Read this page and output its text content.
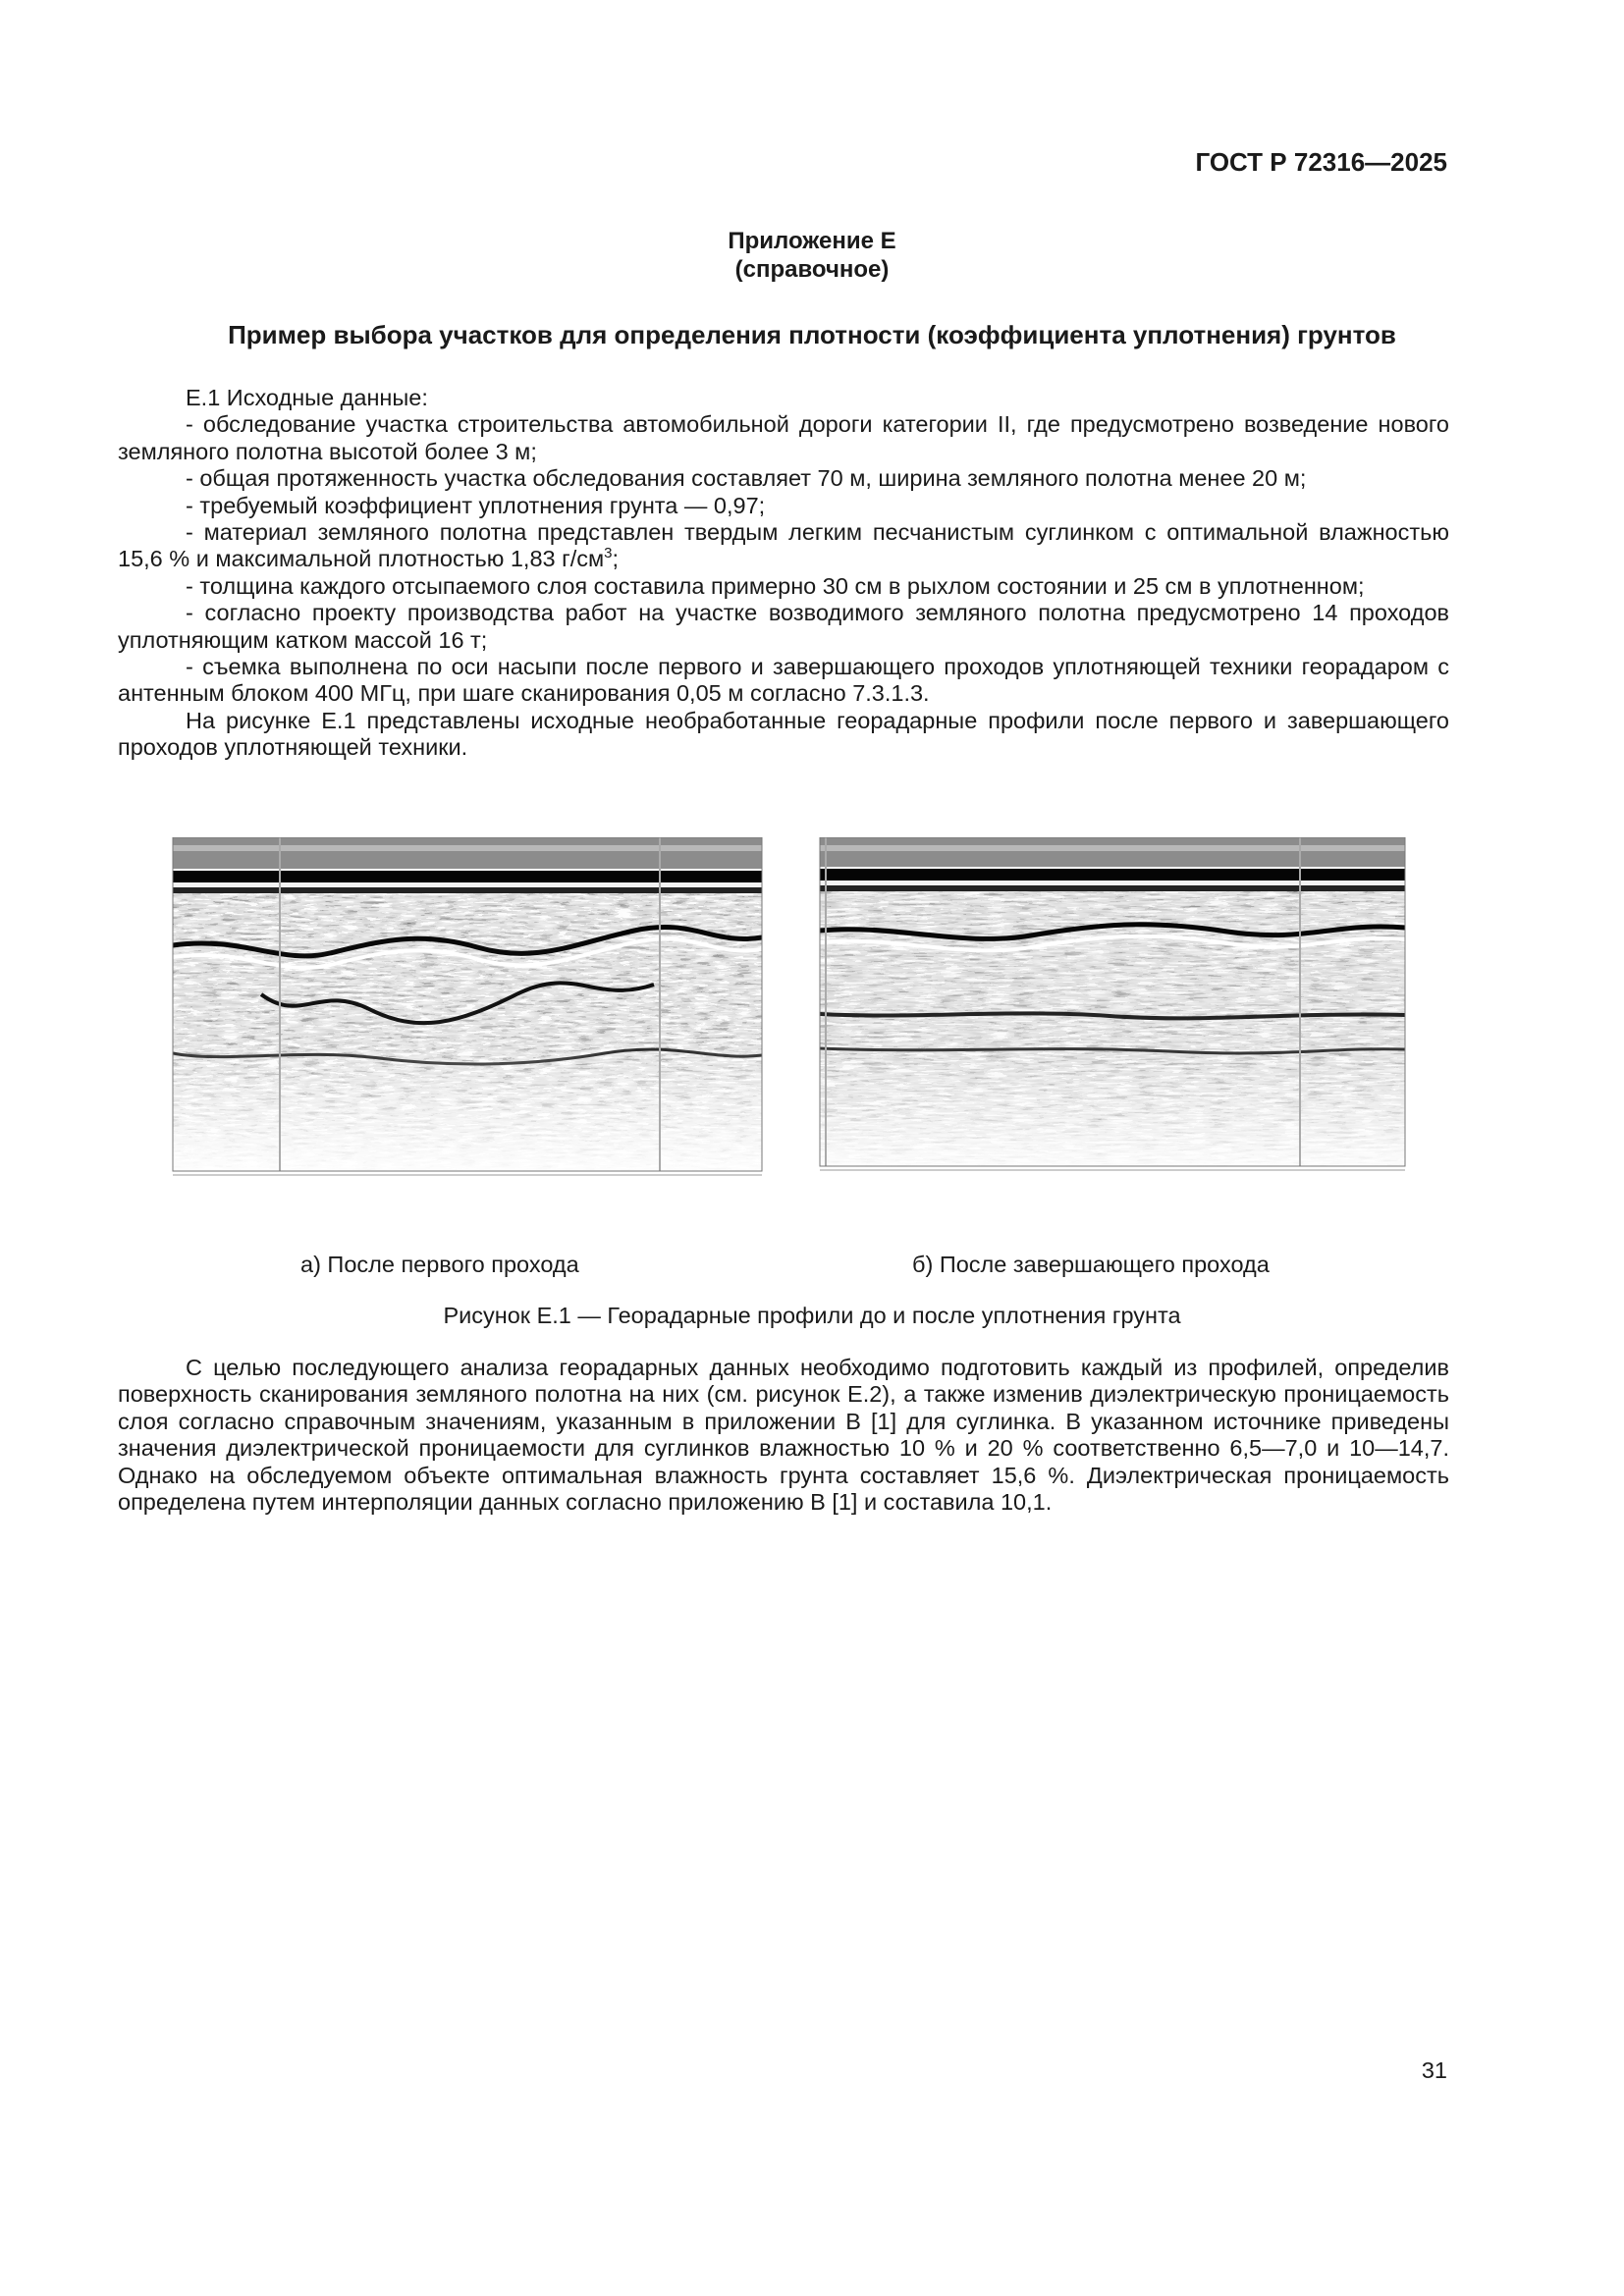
ГОСТ Р 72316—2025
Приложение Е
(справочное)
Пример выбора участков для определения плотности (коэффициента уплотнения) грунтов

Е.1 Исходные данные:

- обследование участка строительства автомобильной дороги категории II, где предусмотрено возведение нового земляного полотна высотой более 3 м;

- общая протяженность участка обследования составляет 70 м, ширина земляного полотна менее 20 м;

- требуемый коэффициент уплотнения грунта — 0,97;

- материал земляного полотна представлен твердым легким песчанистым суглинком с оптимальной влажностью 15,6 % и максимальной плотностью 1,83 $г/см^3$;

- толщина каждого отсыпаемого слоя составила примерно 30 см в рыхлом состоянии и 25 см в уплотненном;

- согласно проекту производства работ на участке возводимого земляного полотна предусмотрено 14 проходов уплотняющим катком массой 16 т;

- съемка выполнена по оси насыпи после первого и завершающего проходов уплотняющей техники георадаром с антенным блоком 400 МГц, при шаге сканирования 0,05 м согласно 7.3.1.3.

На рисунке Е.1 представлены исходные необработанные георадарные профили после первого и завершающего проходов уплотняющей техники.

а) После первого прохода	б) После завершающего прохода
Рисунок Е.1 — Георадарные профили до и после уплотнения грунта

С целью последующего анализа георадарных данных необходимо подготовить каждый из профилей, определив поверхность сканирования земляного полотна на них (см. рисунок Е.2), а также изменив диэлектрическую проницаемость слоя согласно справочным значениям, указанным в приложении В [1] для суглинка. В указанном источнике приведены значения диэлектрической проницаемости для суглинков влажностью 10 % и 20 % соответственно 6,5—7,0 и 10—14,7. Однако на обследуемом объекте оптимальная влажность грунта составляет 15,6 %. Диэлектрическая проницаемость определена путем интерполяции данных согласно приложению В [1] и составила 10,1.

31
